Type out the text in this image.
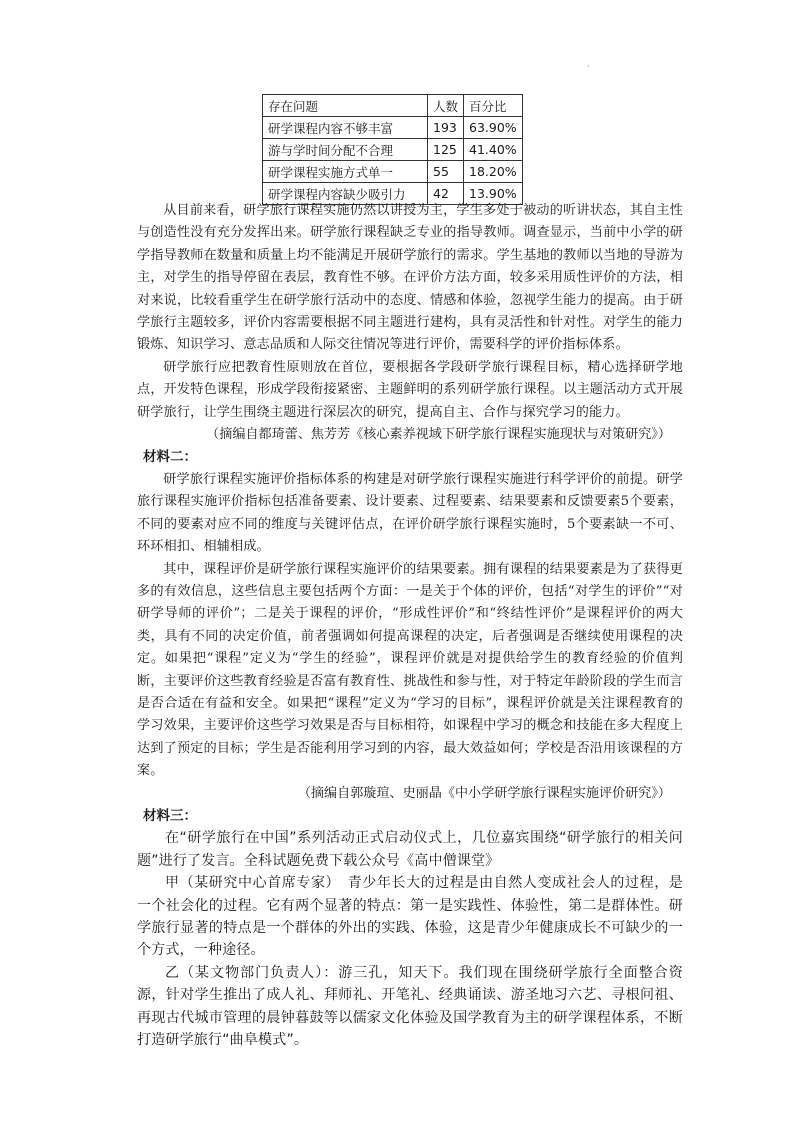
·
存在问题	人数	百分比
研学课程内容不够丰富	193	63.90%
游与学时间分配不合理	125	41.40%
研学课程实施方式单一	55	18.20%
研学课程内容缺少吸引力	42	13.90%

从目前来看，研学旅行课程实施仍然以讲授为主，学生多处于被动的听讲状态，其自主性与创造性没有充分发挥出来。研学旅行课程缺乏专业的指导教师。调查显示，当前中小学的研学指导教师在数量和质量上均不能满足开展研学旅行的需求。学生基地的教师以当地的导游为主，对学生的指导停留在表层，教育性不够。在评价方法方面，较多采用质性评价的方法，相对来说，比较看重学生在研学旅行活动中的态度、情感和体验，忽视学生能力的提高。由于研学旅行主题较多，评价内容需要根据不同主题进行建构，具有灵活性和针对性。对学生的能力锻炼、知识学习、意志品质和人际交往情况等进行评价，需要科学的评价指标体系。

研学旅行应把教育性原则放在首位，要根据各学段研学旅行课程目标，精心选择研学地点，开发特色课程，形成学段衔接紧密、主题鲜明的系列研学旅行课程。以主题活动方式开展研学旅行，让学生围绕主题进行深层次的研究，提高自主、合作与探究学习的能力。

（摘编自都琦蕾、焦芳芳《核心素养视域下研学旅行课程实施现状与对策研究》）

材料二：

研学旅行课程实施评价指标体系的构建是对研学旅行课程实施进行科学评价的前提。研学旅行课程实施评价指标包括准备要素、设计要素、过程要素、结果要素和反馈要素5个要素，不同的要素对应不同的维度与关键评估点，在评价研学旅行课程实施时，5个要素缺一不可、环环相扣、相辅相成。

其中，课程评价是研学旅行课程实施评价的结果要素。拥有课程的结果要素是为了获得更多的有效信息，这些信息主要包括两个方面：一是关于个体的评价，包括“对学生的评价”“对研学导师的评价”；二是关于课程的评价，“形成性评价”和“终结性评价”是课程评价的两大类，具有不同的决定价值，前者强调如何提高课程的决定，后者强调是否继续使用课程的决定。如果把“课程”定义为“学生的经验”，课程评价就是对提供给学生的教育经验的价值判断，主要评价这些教育经验是否富有教育性、挑战性和参与性，对于特定年龄阶段的学生而言是否合适在有益和安全。如果把“课程”定义为“学习的目标”，课程评价就是关注课程教育的学习效果，主要评价这些学习效果是否与目标相符，如课程中学习的概念和技能在多大程度上达到了预定的目标；学生是否能利用学习到的内容，最大效益如何；学校是否沿用该课程的方案。

（摘编自郭璇瑄、史丽晶《中小学研学旅行课程实施评价研究》）

材料三：

在“研学旅行在中国”系列活动正式启动仪式上，几位嘉宾围绕“研学旅行的相关问题”进行了发言。全科试题免费下载公众号《高中僧课堂》

甲（某研究中心首席专家）　青少年长大的过程是由自然人变成社会人的过程，是一个社会化的过程。它有两个显著的特点：第一是实践性、体验性，第二是群体性。研学旅行显著的特点是一个群体的外出的实践、体验，这是青少年健康成长不可缺少的一个方式，一种途径。

乙（某文物部门负责人）：游三孔，知天下。我们现在围绕研学旅行全面整合资源，针对学生推出了成人礼、拜师礼、开笔礼、经典诵读、游圣地习六艺、寻根问祖、再现古代城市管理的晨钟暮鼓等以儒家文化体验及国学教育为主的研学课程体系，不断打造研学旅行“曲阜模式”。
